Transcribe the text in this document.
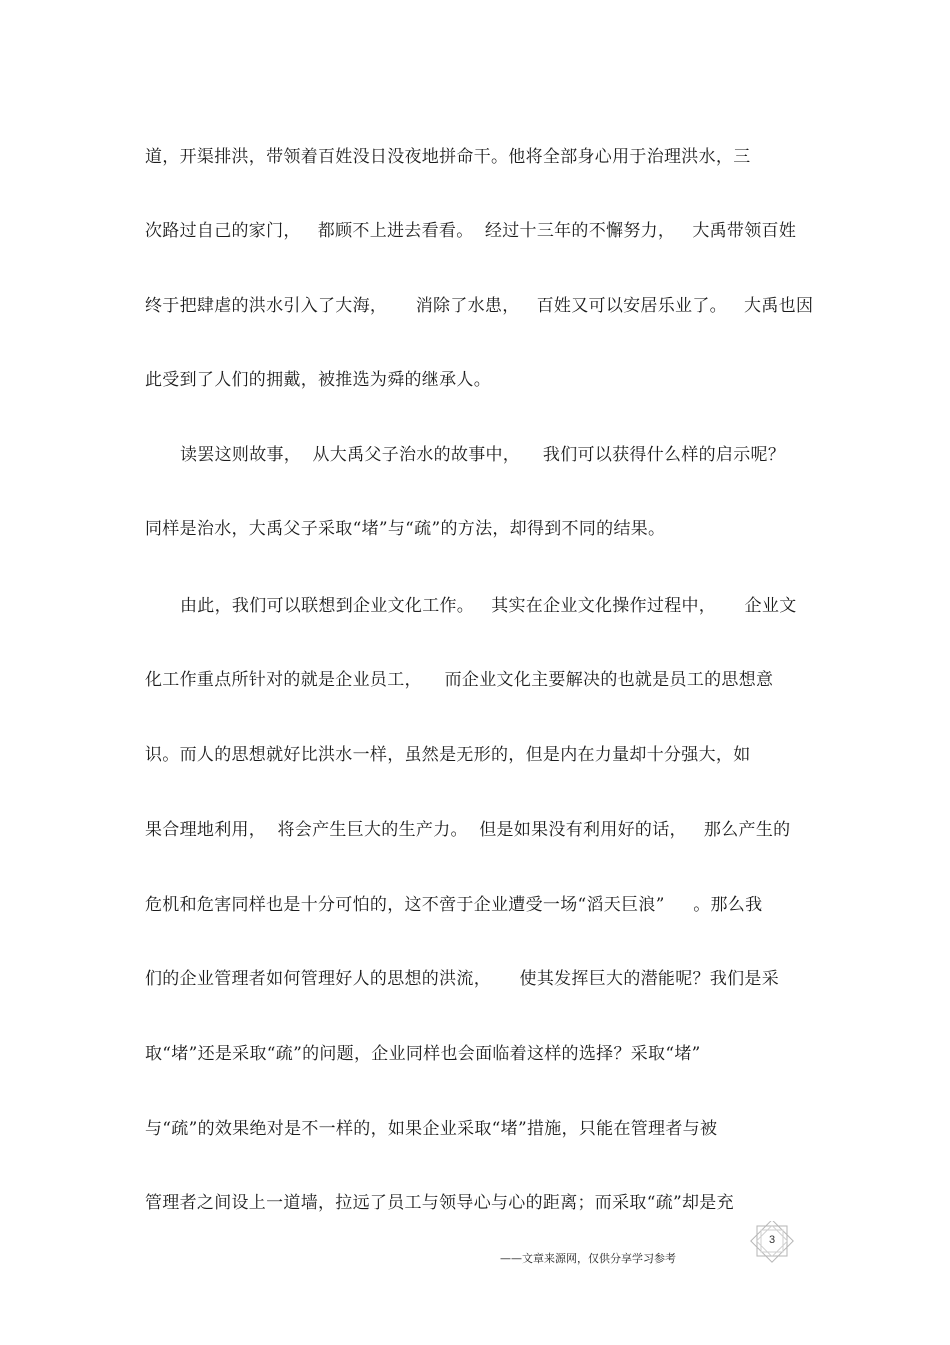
道，开渠排洪，带领着百姓没日没夜地拼命干。他将全部身心用于治理洪水，三
次路过自己的家门，   都顾不上进去看看。  经过十三年的不懈努力，   大禹带领百姓
终于把肆虐的洪水引入了大海，     消除了水患，   百姓又可以安居乐业了。   大禹也因
此受到了人们的拥戴，被推选为舜的继承人。
读罢这则故事，  从大禹父子治水的故事中，    我们可以获得什么样的启示呢？
同样是治水，大禹父子采取“堵”与“疏”的方法，却得到不同的结果。
由此，我们可以联想到企业文化工作。   其实在企业文化操作过程中，     企业文
化工作重点所针对的就是企业员工，    而企业文化主要解决的也就是员工的思想意
识。而人的思想就好比洪水一样，虽然是无形的，但是内在力量却十分强大，如
果合理地利用，  将会产生巨大的生产力。  但是如果没有利用好的话，   那么产生的
危机和危害同样也是十分可怕的，这不啻于企业遭受一场“滔天巨浪”     。那么我
们的企业管理者如何管理好人的思想的洪流，     使其发挥巨大的潜能呢？我们是采
取“堵”还是采取“疏”的问题，企业同样也会面临着这样的选择？采取“堵”
与“疏”的效果绝对是不一样的，如果企业采取“堵”措施，只能在管理者与被
管理者之间设上一道墙，拉远了员工与领导心与心的距离；而采取“疏”却是充
——文章来源网，仅供分享学习参考
3
